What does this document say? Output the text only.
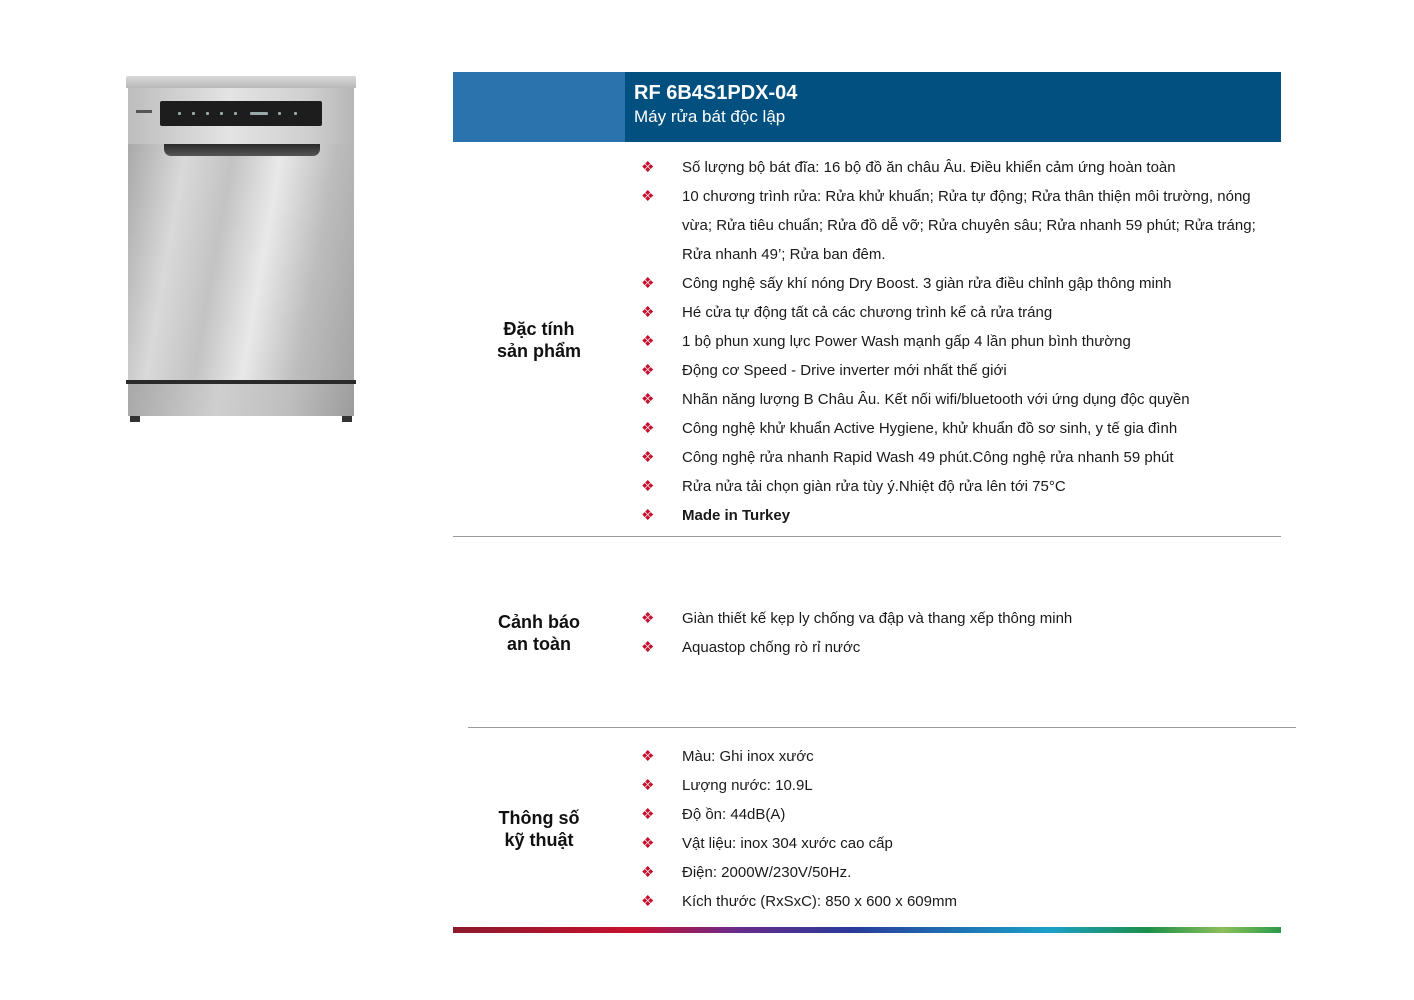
RF 6B4S1PDX-04
Máy rửa bát độc lập
Đặc tính
sản phẩm
❖ Số lượng bộ bát đĩa: 16 bộ đồ ăn châu Âu. Điều khiển cảm ứng hoàn toàn
❖ 10 chương trình rửa: Rửa khử khuẩn; Rửa tự động; Rửa thân thiện môi trường, nóng vừa; Rửa tiêu chuẩn; Rửa đồ dễ vỡ; Rửa chuyên sâu; Rửa nhanh 59 phút; Rửa tráng; Rửa nhanh 49’; Rửa ban đêm.
❖ Công nghệ sấy khí nóng Dry Boost. 3 giàn rửa điều chỉnh gập thông minh
❖ Hé cửa tự động tất cả các chương trình kể cả rửa tráng
❖ 1 bộ phun xung lực Power Wash mạnh gấp 4 lần phun bình thường
❖ Động cơ Speed - Drive inverter mới nhất thế giới
❖ Nhãn năng lượng B Châu Âu. Kết nối wifi/bluetooth với ứng dụng độc quyền
❖ Công nghệ khử khuẩn Active Hygiene, khử khuẩn đồ sơ sinh, y tế gia đình
❖ Công nghệ rửa nhanh Rapid Wash 49 phút.Công nghệ rửa nhanh 59 phút
❖ Rửa nửa tải chọn giàn rửa tùy ý.Nhiệt độ rửa lên tới 75°C
❖ Made in Turkey
Cảnh báo
an toàn
❖ Giàn thiết kế kẹp ly chống va đập và thang xếp thông minh
❖ Aquastop chống rò rỉ nước
Thông số
kỹ thuật
❖ Màu: Ghi inox xước
❖ Lượng nước: 10.9L
❖ Độ ồn: 44dB(A)
❖ Vật liệu: inox 304 xước cao cấp
❖ Điện: 2000W/230V/50Hz.
❖ Kích thước (RxSxC): 850 x 600 x 609mm
